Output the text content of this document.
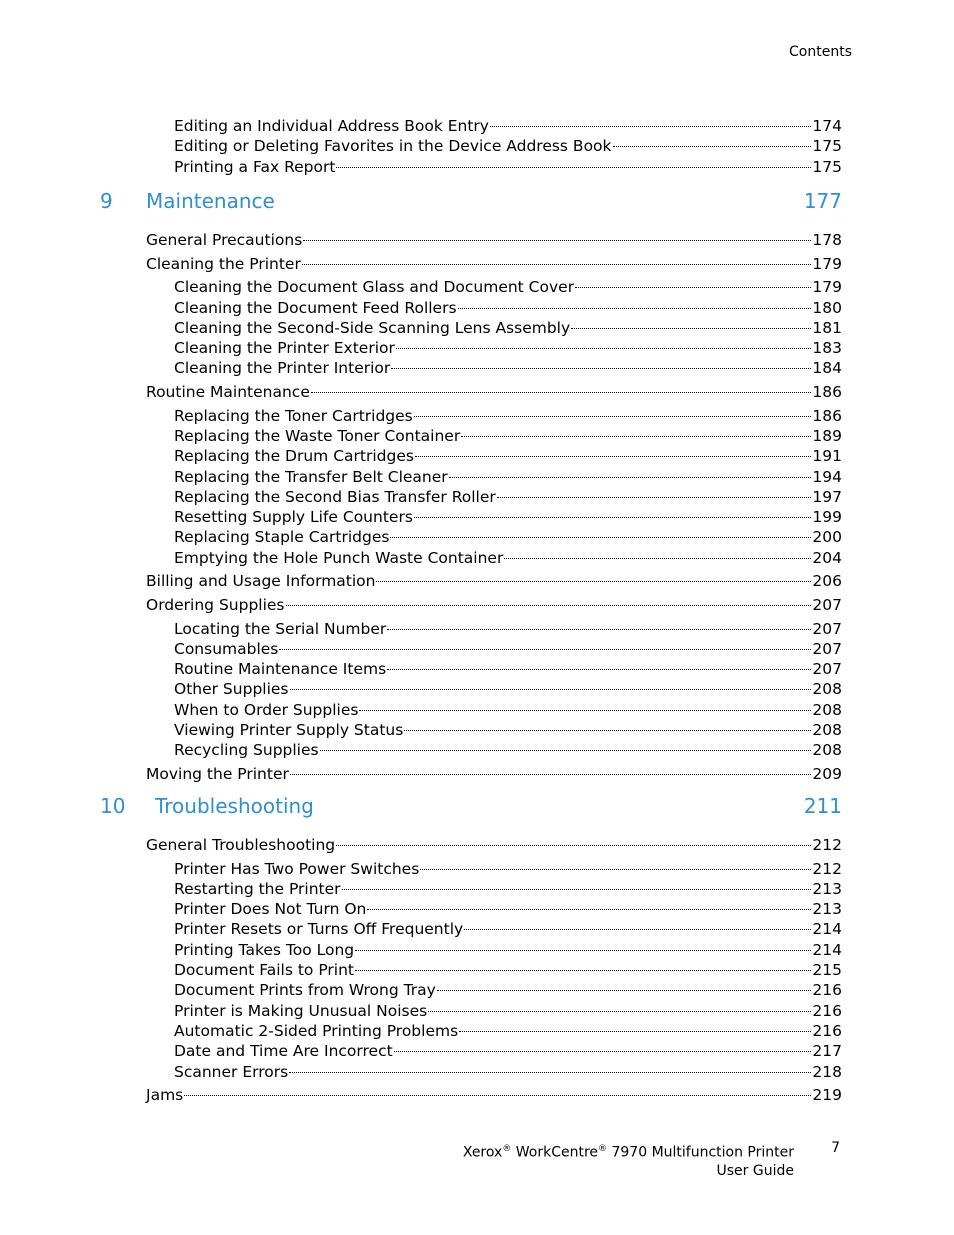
Contents
Editing an Individual Address Book Entry	174
Editing or Deleting Favorites in the Device Address Book	175
Printing a Fax Report	175
9	Maintenance	177
General Precautions	178
Cleaning the Printer	179
Cleaning the Document Glass and Document Cover	179
Cleaning the Document Feed Rollers	180
Cleaning the Second-Side Scanning Lens Assembly	181
Cleaning the Printer Exterior	183
Cleaning the Printer Interior	184
Routine Maintenance	186
Replacing the Toner Cartridges	186
Replacing the Waste Toner Container	189
Replacing the Drum Cartridges	191
Replacing the Transfer Belt Cleaner	194
Replacing the Second Bias Transfer Roller	197
Resetting Supply Life Counters	199
Replacing Staple Cartridges	200
Emptying the Hole Punch Waste Container	204
Billing and Usage Information	206
Ordering Supplies	207
Locating the Serial Number	207
Consumables	207
Routine Maintenance Items	207
Other Supplies	208
When to Order Supplies	208
Viewing Printer Supply Status	208
Recycling Supplies	208
Moving the Printer	209
10	Troubleshooting	211
General Troubleshooting	212
Printer Has Two Power Switches	212
Restarting the Printer	213
Printer Does Not Turn On	213
Printer Resets or Turns Off Frequently	214
Printing Takes Too Long	214
Document Fails to Print	215
Document Prints from Wrong Tray	216
Printer is Making Unusual Noises	216
Automatic 2-Sided Printing Problems	216
Date and Time Are Incorrect	217
Scanner Errors	218
Jams	219
Xerox® WorkCentre® 7970 Multifunction Printer
User Guide
7
